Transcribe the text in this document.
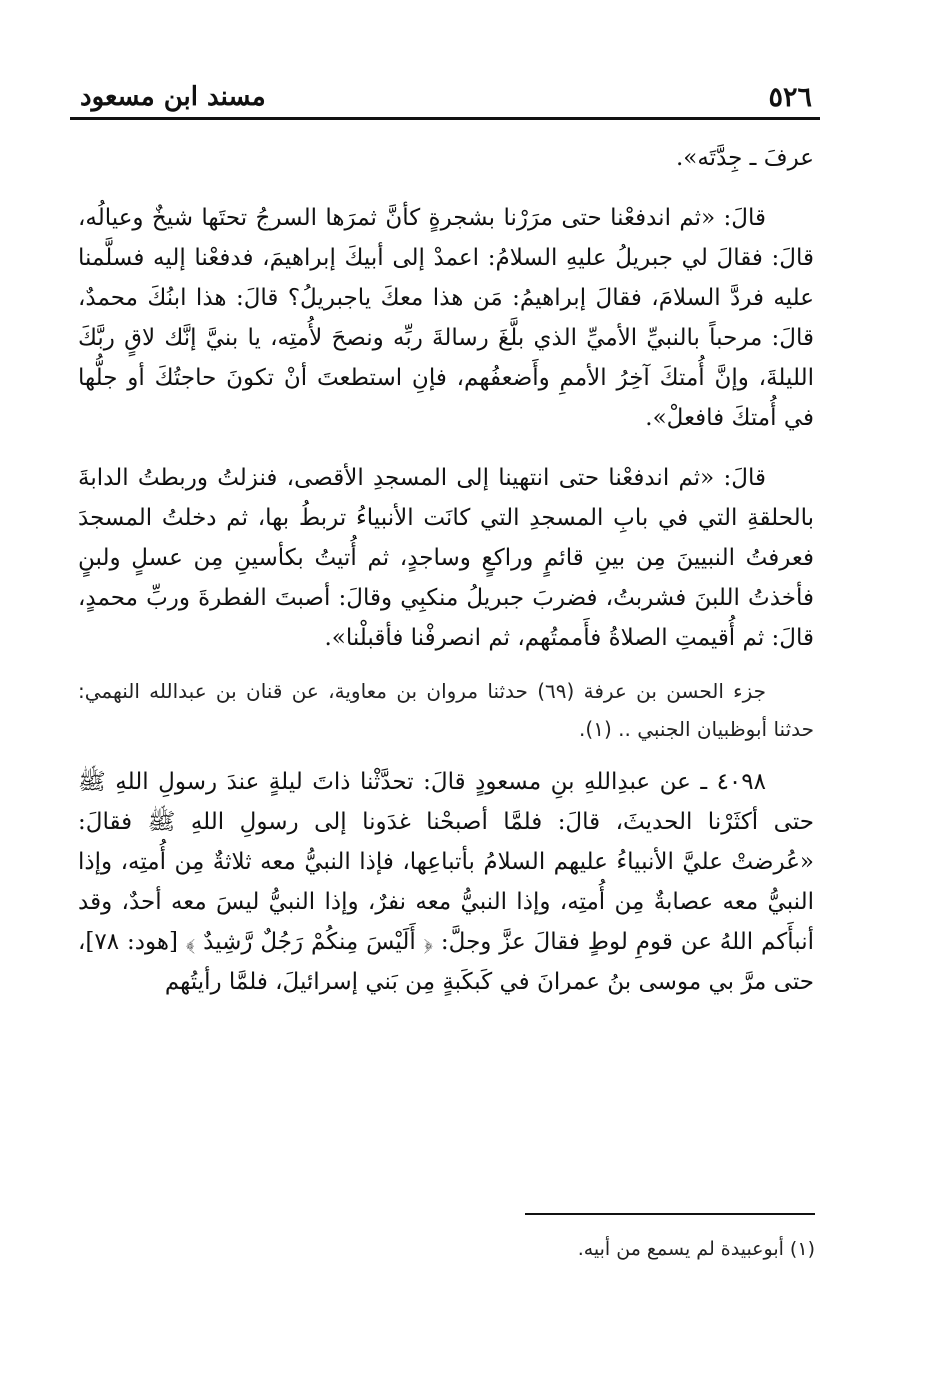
٥٢٦
مسند ابن مسعود

عرفَ ـ جِدَّتَه».

قالَ: «ثم اندفعْنا حتى مرَرْنا بشجرةٍ كأنَّ ثمرَها السرجُ تحتَها شيخٌ وعيالُه، قالَ: فقالَ لي جبريلُ عليهِ السلامُ: اعمدْ إلى أبيكَ إبراهيمَ، فدفعْنا إليه فسلَّمنا عليه فردَّ السلامَ، فقالَ إبراهيمُ: مَن هذا معكَ ياجبريلُ؟ قالَ: هذا ابنُكَ محمدٌ، قالَ: مرحباً بالنبيِّ الأميِّ الذي بلَّغَ رسالةَ ربِّه ونصحَ لأُمتِه، يا بنيَّ إنَّك لاقٍ ربَّكَ الليلةَ، وإنَّ أُمتكَ آخِرُ الأممِ وأَضعفُهم، فإنِ استطعتَ أنْ تكونَ حاجتُكَ أو جلُّها في أُمتكَ فافعلْ».

قالَ: «ثم اندفعْنا حتى انتهينا إلى المسجدِ الأقصى، فنزلتُ وربطتُ الدابةَ بالحلقةِ التي في بابِ المسجدِ التي كانَت الأنبياءُ تربطُ بها، ثم دخلتُ المسجدَ فعرفتُ النبيينَ مِن بينِ قائمٍ وراكعٍ وساجدٍ، ثم أُتيتُ بكأسينِ مِن عسلٍ ولبنٍ فأخذتُ اللبنَ فشربتُ، فضربَ جبريلُ منكبِي وقالَ: أصبتَ الفطرةَ وربِّ محمدٍ، قالَ: ثم أُقيمتِ الصلاةُ فأَممتُهم، ثم انصرفْنا فأقبلْنا».

جزء الحسن بن عرفة (٦٩) حدثنا مروان بن معاوية، عن قنان بن عبدالله النهمي: حدثنا أبوظبيان الجنبي .. (١).

٤٠٩٨ ـ عن عبدِاللهِ بنِ مسعودٍ قالَ: تحدَّثْنا ذاتَ ليلةٍ عندَ رسولِ اللهِ ﷺ حتى أكثَرْنا الحديثَ، قالَ: فلمَّا أصبحْنا غدَونا إلى رسولِ اللهِ ﷺ فقالَ: «عُرضتْ عليَّ الأنبياءُ عليهم السلامُ بأتباعِها، فإذا النبيُّ معه ثلاثةٌ مِن أُمتِه، وإذا النبيُّ معه عصابةٌ مِن أُمتِه، وإذا النبيُّ معه نفرٌ، وإذا النبيُّ ليسَ معه أحدٌ، وقد أنبأَكم اللهُ عن قومِ لوطٍ فقالَ عزَّ وجلَّ: ﴿ أَلَيْسَ مِنكُمْ رَجُلٌ رَّشِيدٌ ﴾ [هود: ٧٨]، حتى مرَّ بي موسى بنُ عمرانَ في كَبكَبةٍ مِن بَني إسرائيلَ، فلمَّا رأيتُهم

(١) أبوعبيدة لم يسمع من أبيه.
